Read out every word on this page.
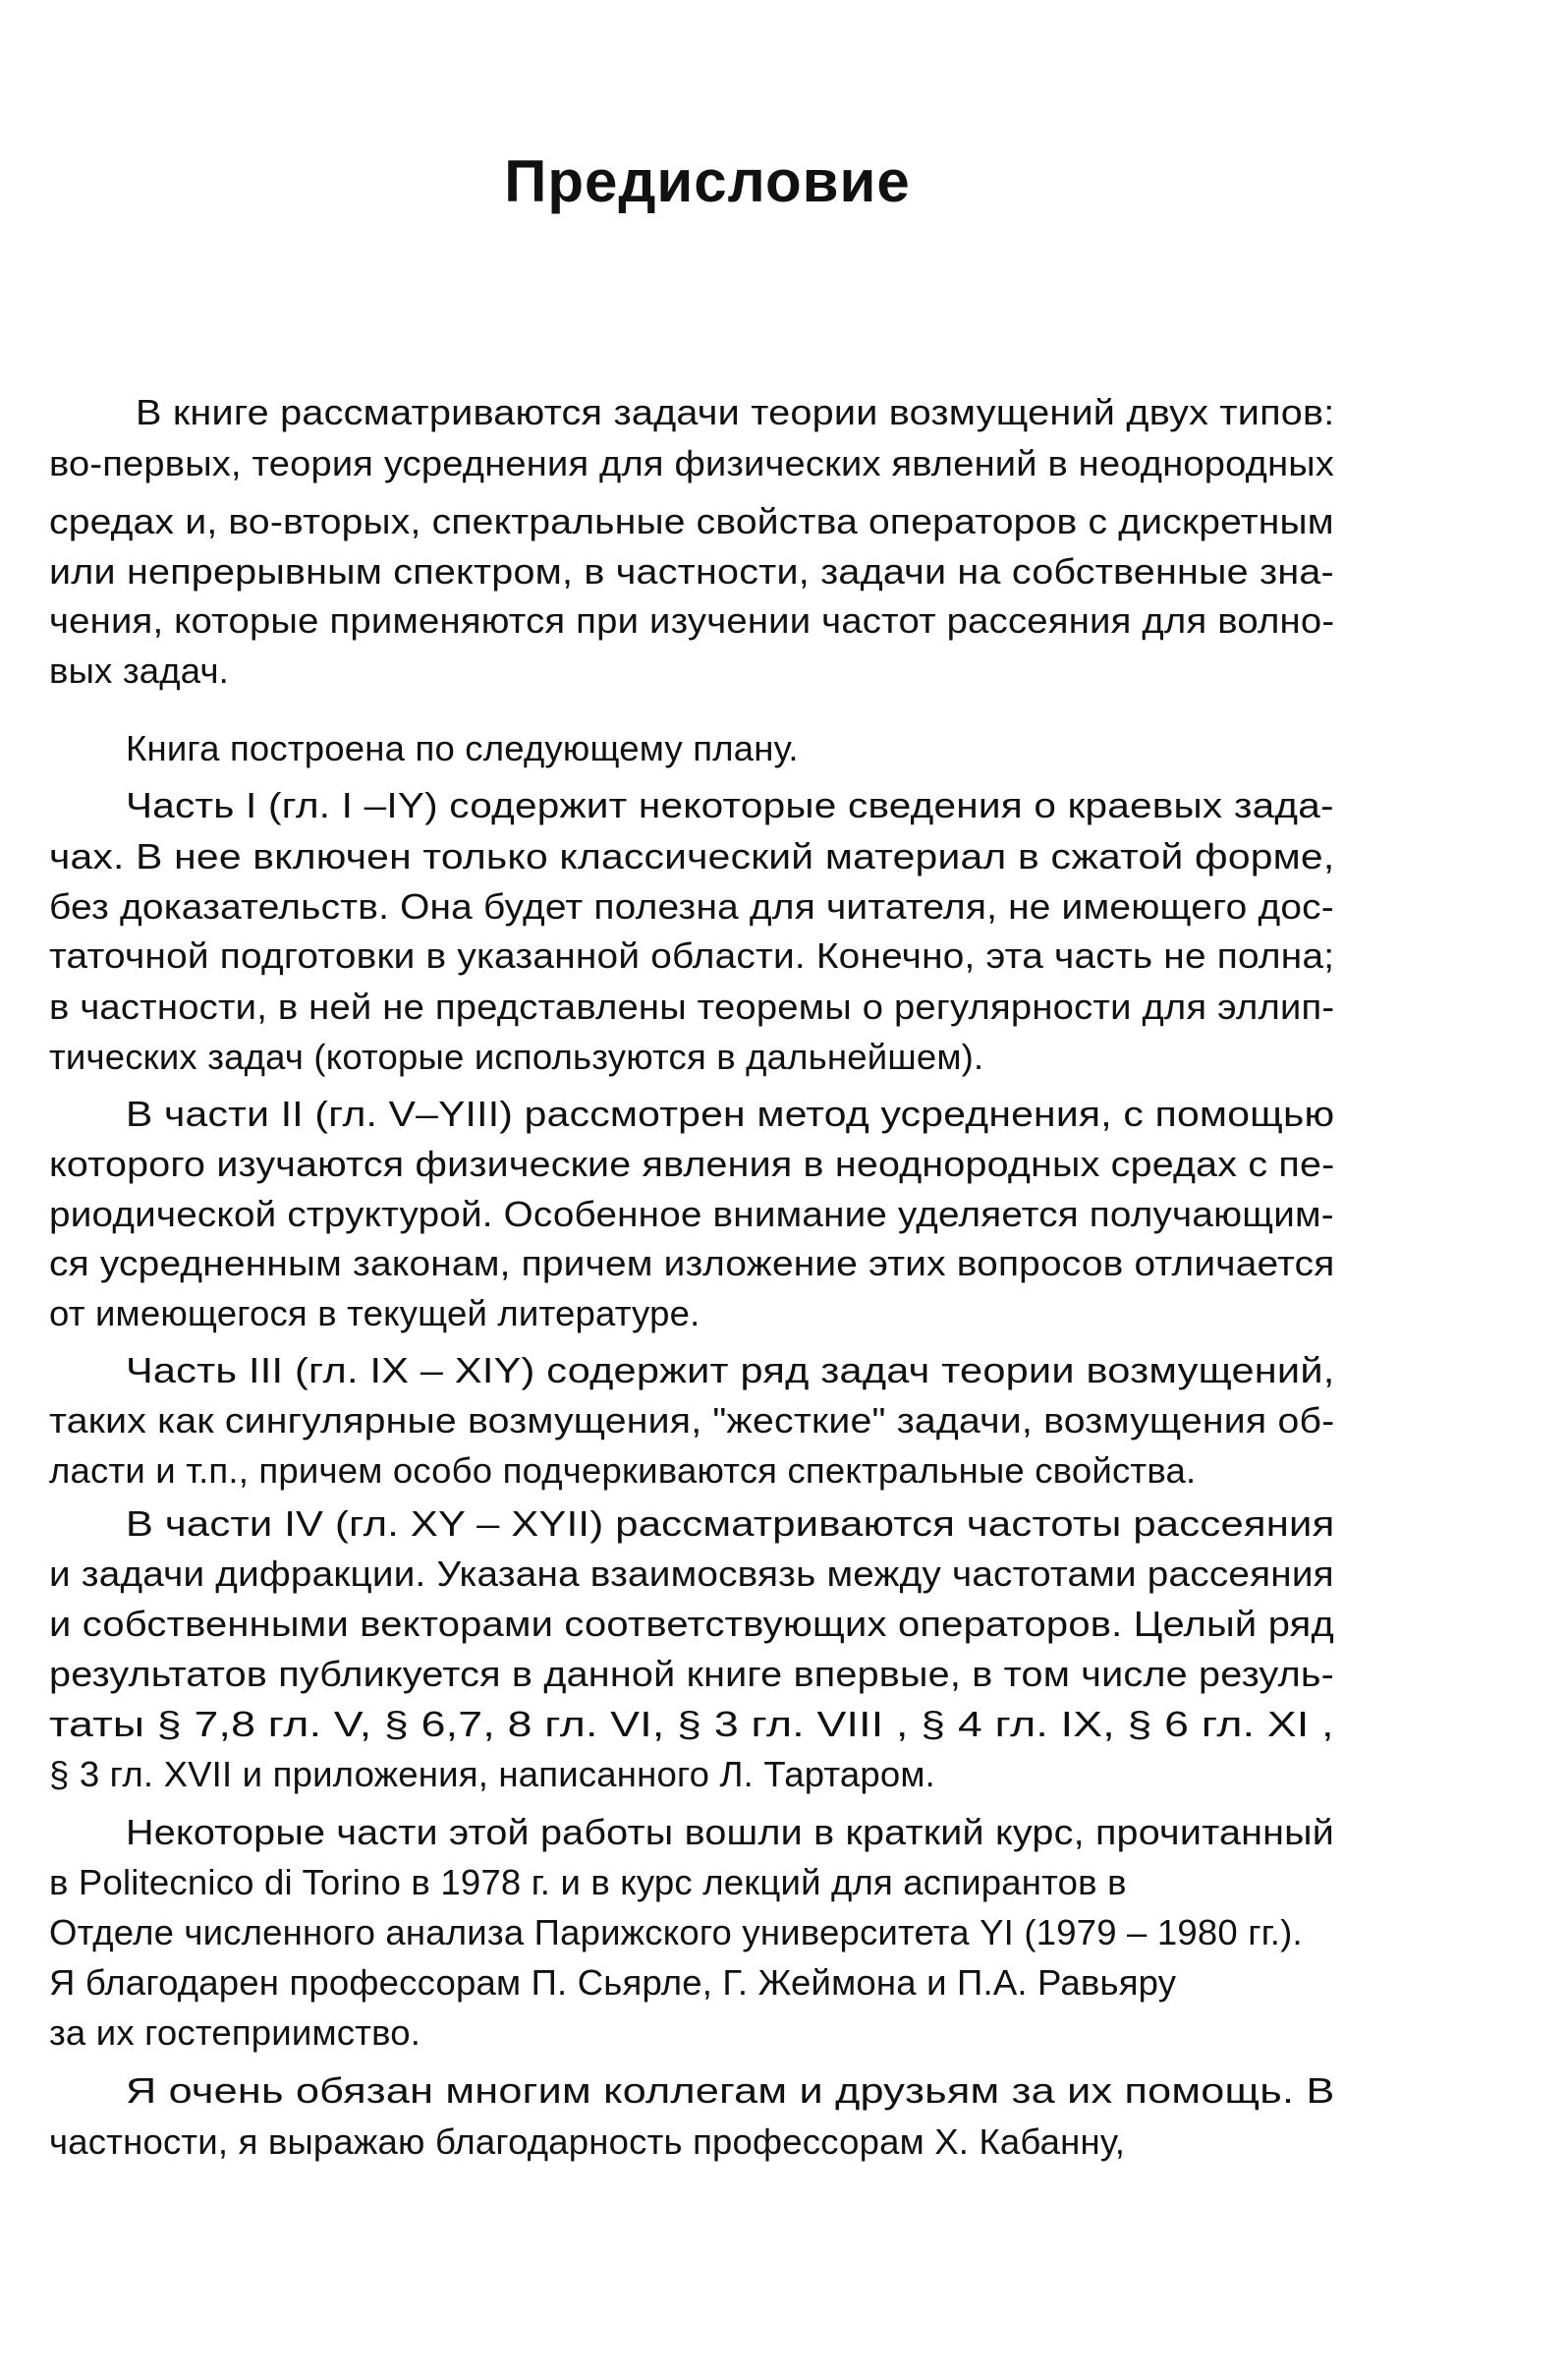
Предисловие
В книге рассматриваются задачи теории возмущений двух типов:
во-первых, теория усреднения для физических явлений в неоднородных
средах и, во-вторых, спектральные свойства операторов с дискретным
или непрерывным спектром, в частности, задачи на собственные зна-
чения, которые применяются при изучении частот рассеяния для волно-
вых задач.
Книга построена по следующему плану.
Часть I (гл. I –IY) содержит некоторые сведения о краевых зада-
чах. В нее включен только классический материал в сжатой форме,
без доказательств. Она будет полезна для читателя, не имеющего дос-
таточной подготовки в указанной области. Конечно, эта часть не полна;
в частности, в ней не представлены теоремы о регулярности для эллип-
тических задач (которые используются в дальнейшем).
В части II (гл. V–YIII) рассмотрен метод усреднения, с помощью
которого изучаются физические явления в неоднородных средах с пе-
риодической структурой. Особенное внимание уделяется получающим-
ся усредненным законам, причем изложение этих вопросов отличается
от имеющегося в текущей литературе.
Часть III (гл. IX – XIY) содержит ряд задач теории возмущений,
таких как сингулярные возмущения, "жесткие" задачи, возмущения об-
ласти и т.п., причем особо подчеркиваются спектральные свойства.
В части IV (гл. XY – XYII) рассматриваются частоты рассеяния
и задачи дифракции. Указана взаимосвязь между частотами рассеяния
и собственными векторами соответствующих операторов. Целый ряд
результатов публикуется в данной книге впервые, в том числе резуль-
таты § 7,8 гл. V, § 6,7, 8 гл. VI, § 3 гл. VIII , § 4 гл. IX, § 6 гл. XI ,
§ 3 гл. XVII и приложения, написанного Л. Тартаром.
Некоторые части этой работы вошли в краткий курс, прочитанный
в Politecnico di Torino в 1978 г. и в курс лекций для аспирантов в
Отделе численного анализа Парижского университета YI (1979 – 1980 гг.).
Я благодарен профессорам П. Сьярле, Г. Жеймона и П.А. Равьяру
за их гостеприимство.
Я очень обязан многим коллегам и друзьям за их помощь. В
частности, я выражаю благодарность профессорам Х. Кабанну,
